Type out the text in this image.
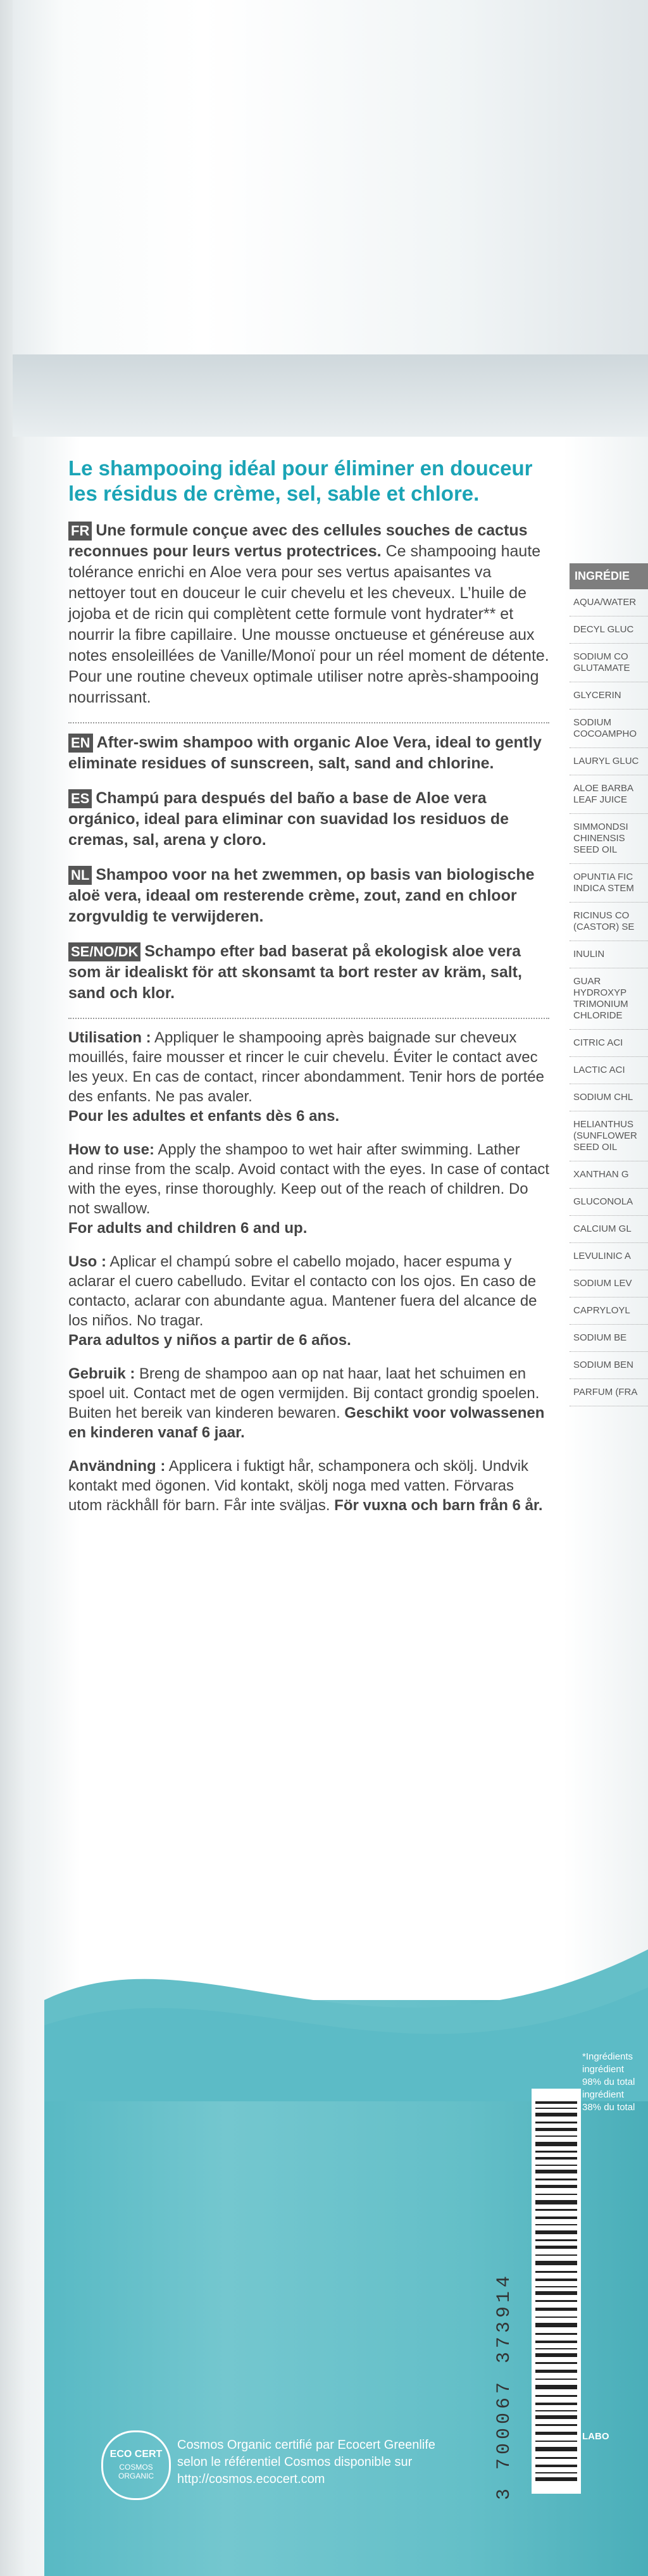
Le shampooing idéal pour éliminer en douceur les résidus de crème, sel, sable et chlore.

FR Une formule conçue avec des cellules souches de cactus reconnues pour leurs vertus protectrices. Ce shampooing haute tolérance enrichi en Aloe vera pour ses vertus apaisantes va nettoyer tout en douceur le cuir chevelu et les cheveux. L’huile de jojoba et de ricin qui complètent cette formule vont hydrater** et nourrir la fibre capillaire. Une mousse onctueuse et généreuse aux notes ensoleillées de Vanille/Monoï pour un réel moment de détente. Pour une routine cheveux optimale utiliser notre après-shampooing nourrissant.

EN After-swim shampoo with organic Aloe Vera, ideal to gently eliminate residues of sunscreen, salt, sand and chlorine.

ES Champú para después del baño a base de Aloe vera orgánico, ideal para eliminar con suavidad los residuos de cremas, sal, arena y cloro.

NL Shampoo voor na het zwemmen, op basis van biologische aloë vera, ideaal om resterende crème, zout, zand en chloor zorgvuldig te verwijderen.

SE/NO/DK Schampo efter bad baserat på ekologisk aloe vera som är idealiskt för att skonsamt ta bort rester av kräm, salt, sand och klor.

Utilisation : Appliquer le shampooing après baignade sur cheveux mouillés, faire mousser et rincer le cuir chevelu. Éviter le contact avec les yeux. En cas de contact, rincer abondamment. Tenir hors de portée des enfants. Ne pas avaler.

Pour les adultes et enfants dès 6 ans.

How to use: Apply the shampoo to wet hair after swimming. Lather and rinse from the scalp. Avoid contact with the eyes. In case of contact with the eyes, rinse thoroughly. Keep out of the reach of children. Do not swallow.

For adults and children 6 and up.

Uso : Aplicar el champú sobre el cabello mojado, hacer espuma y aclarar el cuero cabelludo. Evitar el contacto con los ojos. En caso de contacto, aclarar con abundante agua. Mantener fuera del alcance de los niños. No tragar.

Para adultos y niños a partir de 6 años.

Gebruik : Breng de shampoo aan op nat haar, laat het schuimen en spoel uit. Contact met de ogen vermijden. Bij contact grondig spoelen. Buiten het bereik van kinderen bewaren. Geschikt voor volwassenen en kinderen vanaf 6 jaar.

Användning : Applicera i fuktigt hår, schamponera och skölj. Undvik kontakt med ögonen. Vid kontakt, skölj noga med vatten. Förvaras utom räckhåll för barn. Får inte sväljas. För vuxna och barn från 6 år.

INGRÉDIE
AQUA/WATER
DECYL GLUC
SODIUM CO GLUTAMATE
GLYCERIN
SODIUM COCOAMPHO
LAURYL GLUC
ALOE BARBA LEAF JUICE
SIMMONDSI CHINENSIS SEED OIL
OPUNTIA FIC INDICA STEM
RICINUS CO (CASTOR) SE
INULIN
GUAR HYDROXYP TRIMONIUM CHLORIDE
CITRIC ACI
LACTIC ACI
SODIUM CHL
HELIANTHUS (SUNFLOWER SEED OIL
XANTHAN G
GLUCONOLA
CALCIUM GL
LEVULINIC A
SODIUM LEV
CAPRYLOYL
SODIUM BE
SODIUM BEN
PARFUM (FRA
3 700067 373914
ECO CERT
COSMOS ORGANIC
Cosmos Organic certifié par Ecocert Greenlife selon le référentiel Cosmos disponible sur http://cosmos.ecocert.com
*Ingrédients
ingrédient
98% du total
ingrédient
38% du total
LABO
